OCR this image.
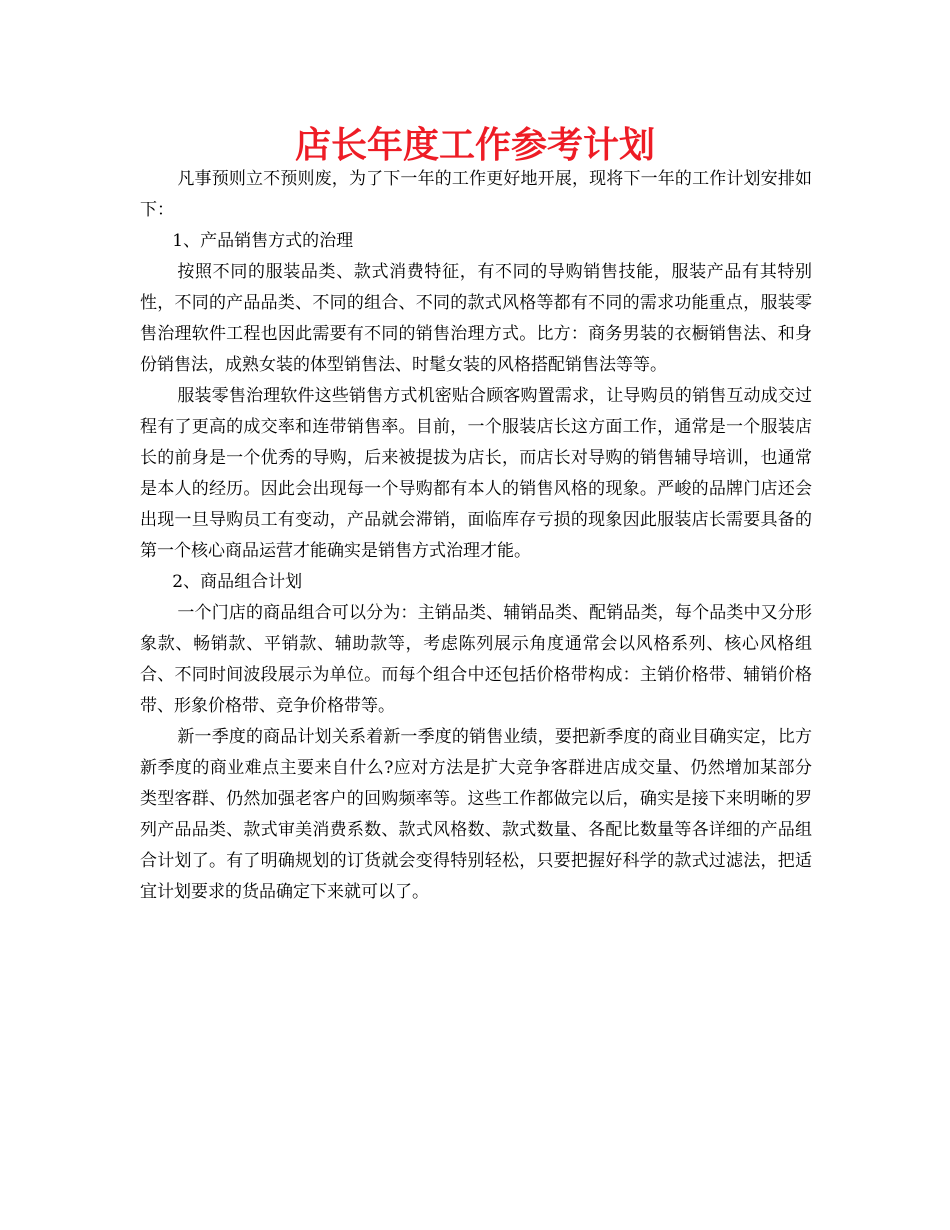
店长年度工作参考计划

凡事预则立不预则废，为了下一年的工作更好地开展，现将下一年的工作计划安排如下：

1、产品销售方式的治理

按照不同的服装品类、款式消费特征，有不同的导购销售技能，服装产品有其特别性，不同的产品品类、不同的组合、不同的款式风格等都有不同的需求功能重点，服装零售治理软件工程也因此需要有不同的销售治理方式。比方：商务男装的衣橱销售法、和身份销售法，成熟女装的体型销售法、时髦女装的风格搭配销售法等等。

服装零售治理软件这些销售方式机密贴合顾客购置需求，让导购员的销售互动成交过程有了更高的成交率和连带销售率。目前，一个服装店长这方面工作，通常是一个服装店长的前身是一个优秀的导购，后来被提拔为店长，而店长对导购的销售辅导培训，也通常是本人的经历。因此会出现每一个导购都有本人的销售风格的现象。严峻的品牌门店还会出现一旦导购员工有变动，产品就会滞销，面临库存亏损的现象因此服装店长需要具备的第一个核心商品运营才能确实是销售方式治理才能。

2、商品组合计划

一个门店的商品组合可以分为：主销品类、辅销品类、配销品类，每个品类中又分形象款、畅销款、平销款、辅助款等，考虑陈列展示角度通常会以风格系列、核心风格组合、不同时间波段展示为单位。而每个组合中还包括价格带构成：主销价格带、辅销价格带、形象价格带、竞争价格带等。

新一季度的商品计划关系着新一季度的销售业绩，要把新季度的商业目确实定，比方新季度的商业难点主要来自什么?应对方法是扩大竞争客群进店成交量、仍然增加某部分类型客群、仍然加强老客户的回购频率等。这些工作都做完以后，确实是接下来明晰的罗列产品品类、款式审美消费系数、款式风格数、款式数量、各配比数量等各详细的产品组合计划了。有了明确规划的订货就会变得特别轻松，只要把握好科学的款式过滤法，把适宜计划要求的货品确定下来就可以了。
